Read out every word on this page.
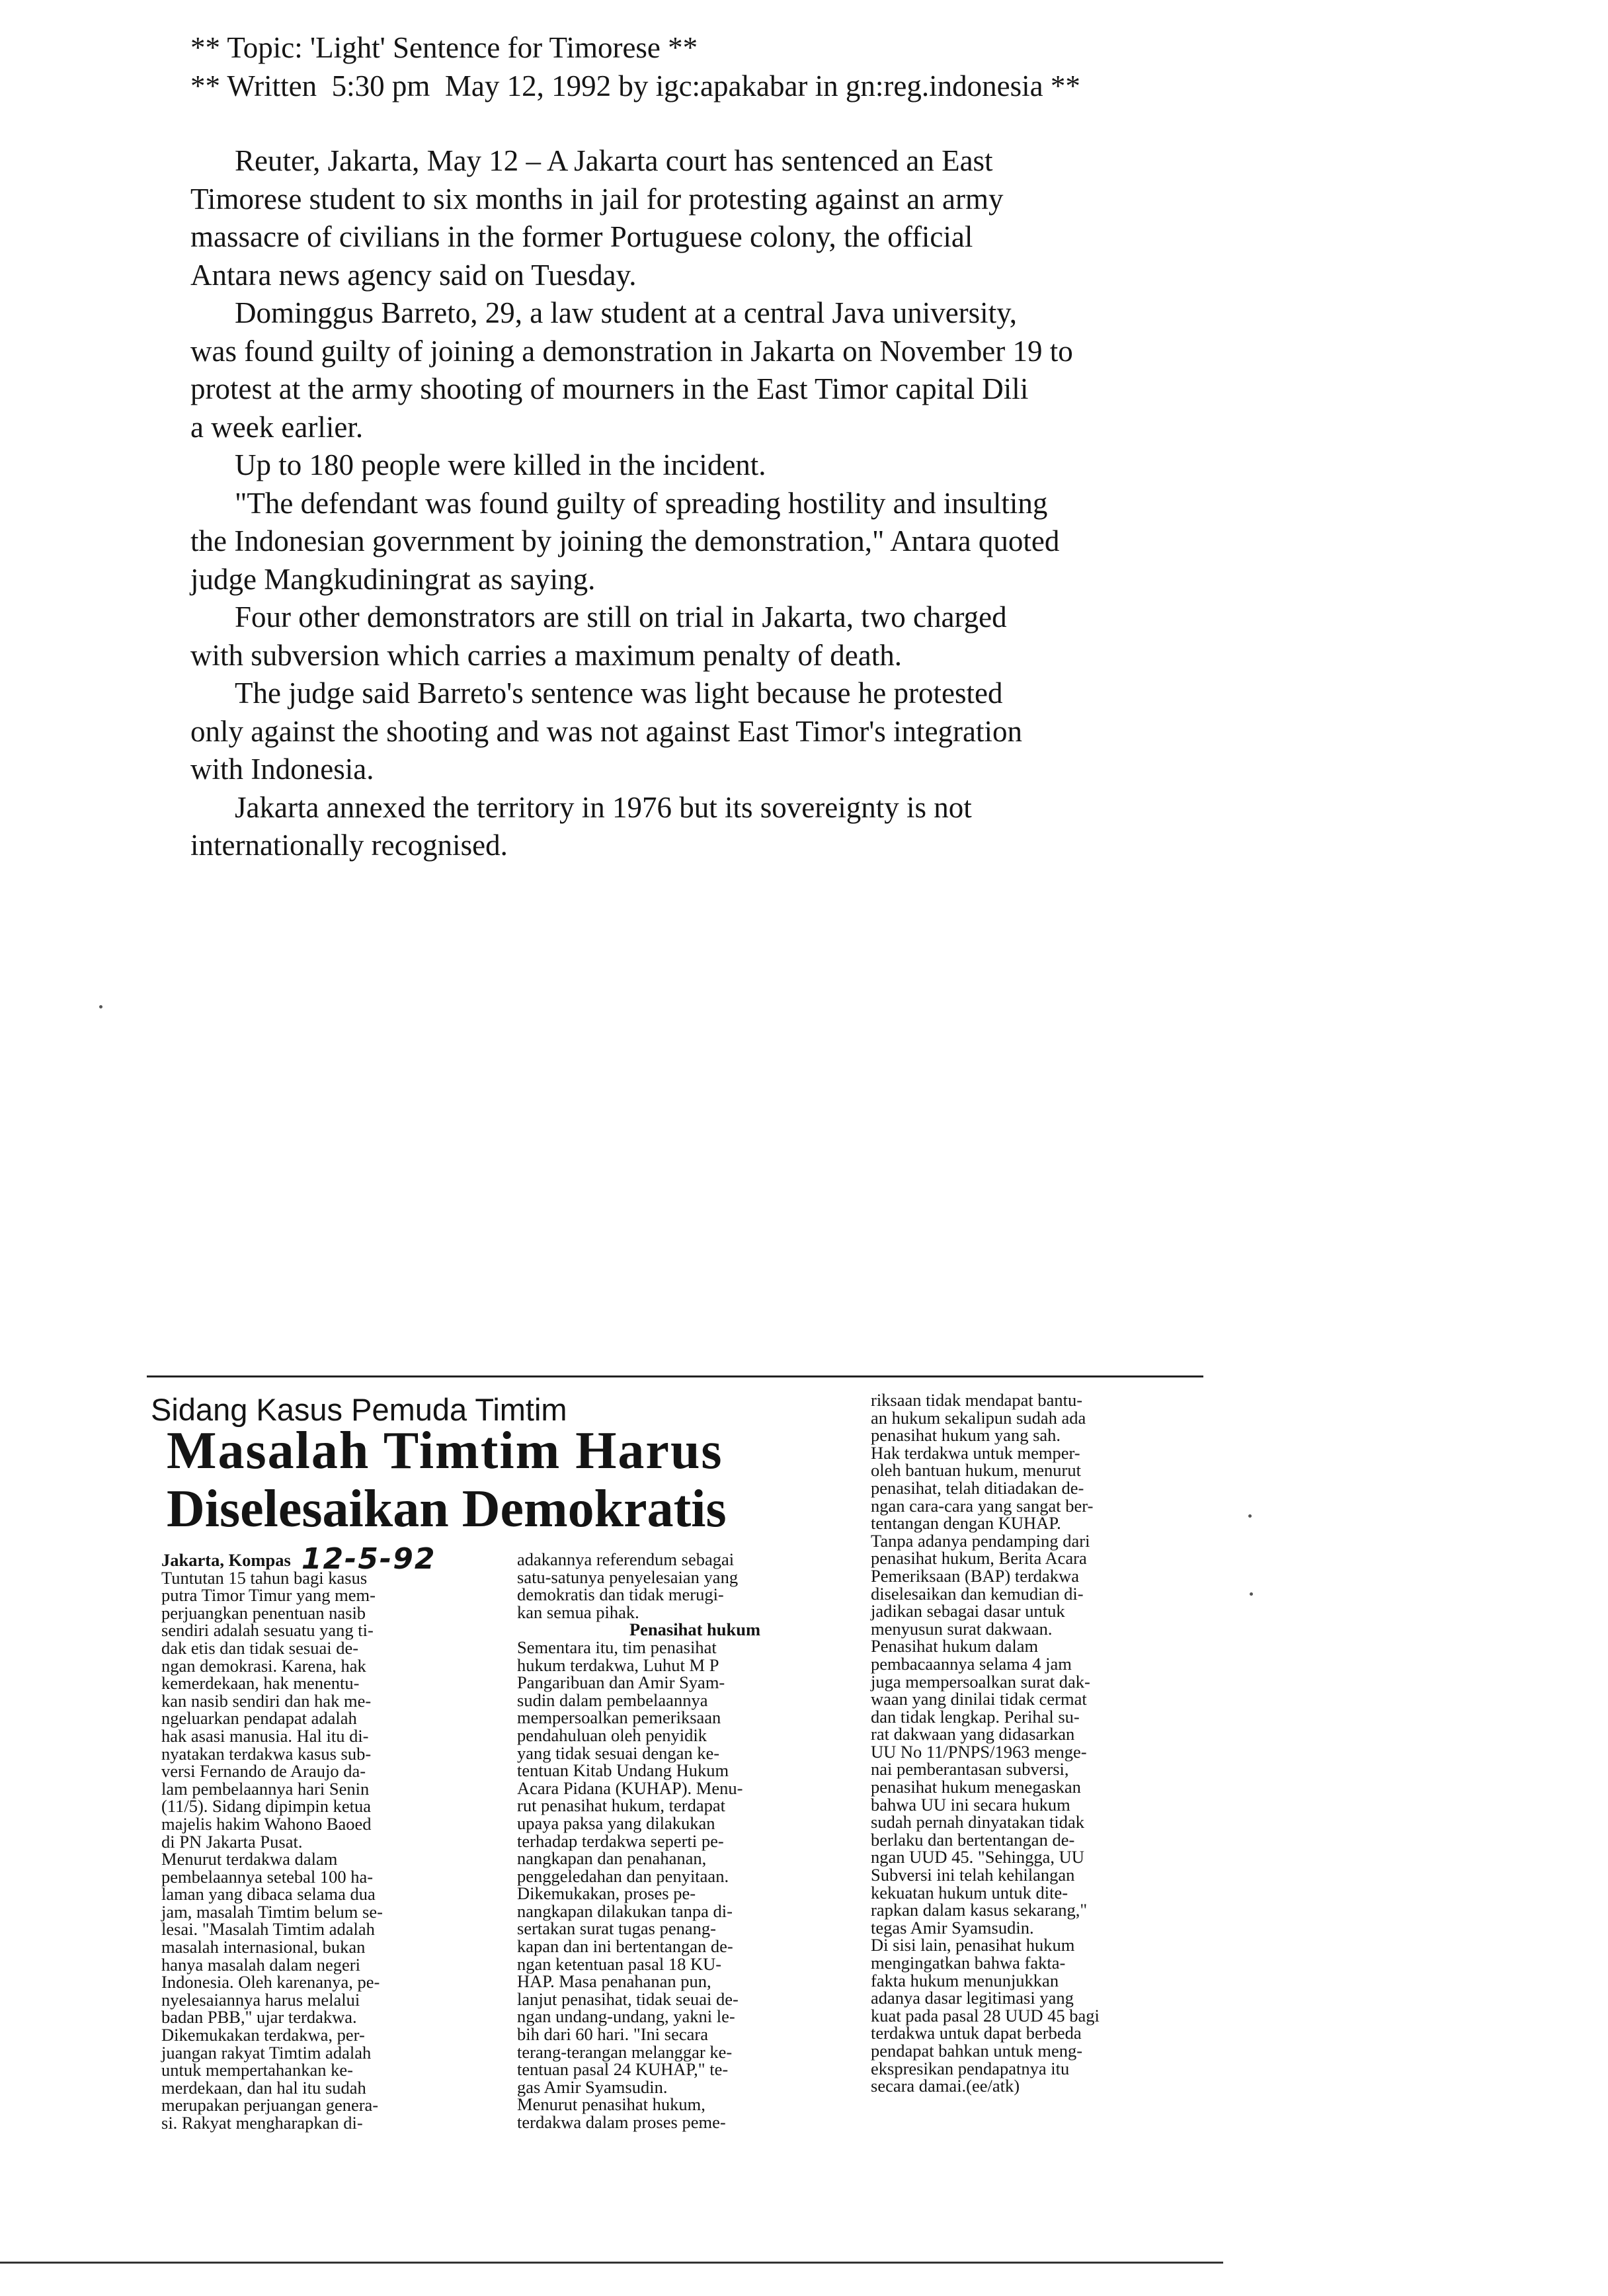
** Topic: 'Light' Sentence for Timorese **

** Written  5:30 pm  May 12, 1992 by igc:apakabar in gn:reg.indonesia **

Reuter, Jakarta, May 12 – A Jakarta court has sentenced an East
Timorese student to six months in jail for protesting against an army
massacre of civilians in the former Portuguese colony, the official
Antara news agency said on Tuesday.

Dominggus Barreto, 29, a law student at a central Java university,
was found guilty of joining a demonstration in Jakarta on November 19 to
protest at the army shooting of mourners in the East Timor capital Dili
a week earlier.

Up to 180 people were killed in the incident.

"The defendant was found guilty of spreading hostility and insulting
the Indonesian government by joining the demonstration," Antara quoted
judge Mangkudiningrat as saying.

Four other demonstrators are still on trial in Jakarta, two charged
with subversion which carries a maximum penalty of death.

The judge said Barreto's sentence was light because he protested
only against the shooting and was not against East Timor's integration
with Indonesia.

Jakarta annexed the territory in 1976 but its sovereignty is not
internationally recognised.

Sidang Kasus Pemuda Timtim
Masalah Timtim Harus
Diselesaikan Demokratis
Jakarta, Kompas 12-5-92
Tuntutan 15 tahun bagi kasus
putra Timor Timur yang mem-
perjuangkan penentuan nasib
sendiri adalah sesuatu yang ti-
dak etis dan tidak sesuai de-
ngan demokrasi. Karena, hak
kemerdekaan, hak menentu-
kan nasib sendiri dan hak me-
ngeluarkan pendapat adalah
hak asasi manusia. Hal itu di-
nyatakan terdakwa kasus sub-
versi Fernando de Araujo da-
lam pembelaannya hari Senin
(11/5). Sidang dipimpin ketua
majelis hakim Wahono Baoed
di PN Jakarta Pusat.
Menurut terdakwa dalam
pembelaannya setebal 100 ha-
laman yang dibaca selama dua
jam, masalah Timtim belum se-
lesai. "Masalah Timtim adalah
masalah internasional, bukan
hanya masalah dalam negeri
Indonesia. Oleh karenanya, pe-
nyelesaiannya harus melalui
badan PBB," ujar terdakwa.
Dikemukakan terdakwa, per-
juangan rakyat Timtim adalah
untuk mempertahankan ke-
merdekaan, dan hal itu sudah
merupakan perjuangan genera-
si. Rakyat mengharapkan di-
adakannya referendum sebagai
satu-satunya penyelesaian yang
demokratis dan tidak merugi-
kan semua pihak.
Penasihat hukum
Sementara itu, tim penasihat
hukum terdakwa, Luhut M P
Pangaribuan dan Amir Syam-
sudin dalam pembelaannya
mempersoalkan pemeriksaan
pendahuluan oleh penyidik
yang tidak sesuai dengan ke-
tentuan Kitab Undang Hukum
Acara Pidana (KUHAP). Menu-
rut penasihat hukum, terdapat
upaya paksa yang dilakukan
terhadap terdakwa seperti pe-
nangkapan dan penahanan,
penggeledahan dan penyitaan.
Dikemukakan, proses pe-
nangkapan dilakukan tanpa di-
sertakan surat tugas penang-
kapan dan ini bertentangan de-
ngan ketentuan pasal 18 KU-
HAP. Masa penahanan pun,
lanjut penasihat, tidak seuai de-
ngan undang-undang, yakni le-
bih dari 60 hari. "Ini secara
terang-terangan melanggar ke-
tentuan pasal 24 KUHAP," te-
gas Amir Syamsudin.
Menurut penasihat hukum,
terdakwa dalam proses peme-
riksaan tidak mendapat bantu-
an hukum sekalipun sudah ada
penasihat hukum yang sah.
Hak terdakwa untuk memper-
oleh bantuan hukum, menurut
penasihat, telah ditiadakan de-
ngan cara-cara yang sangat ber-
tentangan dengan KUHAP.
Tanpa adanya pendamping dari
penasihat hukum, Berita Acara
Pemeriksaan (BAP) terdakwa
diselesaikan dan kemudian di-
jadikan sebagai dasar untuk
menyusun surat dakwaan.
Penasihat hukum dalam
pembacaannya selama 4 jam
juga mempersoalkan surat dak-
waan yang dinilai tidak cermat
dan tidak lengkap. Perihal su-
rat dakwaan yang didasarkan
UU No 11/PNPS/1963 menge-
nai pemberantasan subversi,
penasihat hukum menegaskan
bahwa UU ini secara hukum
sudah pernah dinyatakan tidak
berlaku dan bertentangan de-
ngan UUD 45. "Sehingga, UU
Subversi ini telah kehilangan
kekuatan hukum untuk dite-
rapkan dalam kasus sekarang,"
tegas Amir Syamsudin.
Di sisi lain, penasihat hukum
mengingatkan bahwa fakta-
fakta hukum menunjukkan
adanya dasar legitimasi yang
kuat pada pasal 28 UUD 45 bagi
terdakwa untuk dapat berbeda
pendapat bahkan untuk meng-
ekspresikan pendapatnya itu
secara damai.(ee/atk)
